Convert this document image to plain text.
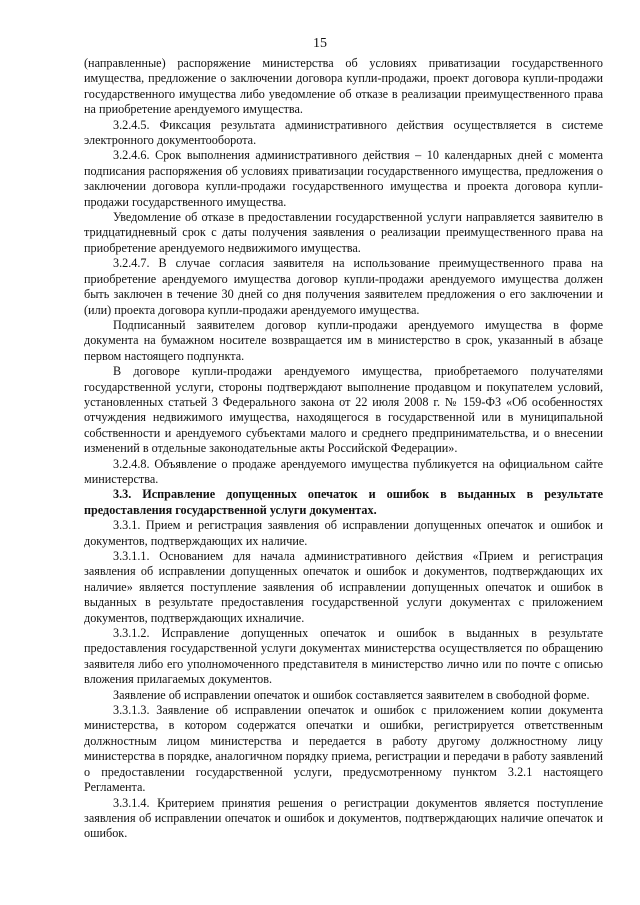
15

(направленные) распоряжение министерства об условиях приватизации государственного имущества, предложение о заключении договора купли-продажи, проект договора купли-продажи государственного имущества либо уведомление об отказе в реализации преимущественного права на приобретение арендуемого имущества.

3.2.4.5. Фиксация результата административного действия осуществляется в системе электронного документооборота.

3.2.4.6. Срок выполнения административного действия – 10 календарных дней с момента подписания распоряжения об условиях приватизации государственного имущества, предложения о заключении договора купли-продажи государственного имущества и проекта договора купли-продажи государственного имущества.

Уведомление об отказе в предоставлении государственной услуги направляется заявителю в тридцатидневный срок с даты получения заявления о реализации преимущественного права на приобретение арендуемого недвижимого имущества.

3.2.4.7. В случае согласия заявителя на использование преимущественного права на приобретение арендуемого имущества договор купли-продажи арендуемого имущества должен быть заключен в течение 30 дней со дня получения заявителем предложения о его заключении и (или) проекта договора купли-продажи арендуемого имущества.

Подписанный заявителем договор купли-продажи арендуемого имущества в форме документа на бумажном носителе возвращается им в министерство в срок, указанный в абзаце первом настоящего подпункта.

В договоре купли-продажи арендуемого имущества, приобретаемого получателями государственной услуги, стороны подтверждают выполнение продавцом и покупателем условий, установленных статьей 3 Федерального закона от 22 июля 2008 г. № 159-ФЗ «Об особенностях отчуждения недвижимого имущества, находящегося в государственной или в муниципальной собственности и арендуемого субъектами малого и среднего предпринимательства, и о внесении изменений в отдельные законодательные акты Российской Федерации».

3.2.4.8. Объявление о продаже арендуемого имущества публикуется на официальном сайте министерства.

3.3. Исправление допущенных опечаток и ошибок в выданных в результате предоставления государственной услуги документах.

3.3.1. Прием и регистрация заявления об исправлении допущенных опечаток и ошибок и документов, подтверждающих их наличие.

3.3.1.1. Основанием для начала административного действия «Прием и регистрация заявления об исправлении допущенных опечаток и ошибок и документов, подтверждающих их наличие» является поступление заявления об исправлении допущенных опечаток и ошибок в выданных в результате предоставления государственной услуги документах с приложением документов, подтверждающих ихналичие.

3.3.1.2. Исправление допущенных опечаток и ошибок в выданных в результате предоставления государственной услуги документах министерства осуществляется по обращению заявителя либо его уполномоченного представителя в министерство лично или по почте с описью вложения прилагаемых документов.

Заявление об исправлении опечаток и ошибок составляется заявителем в свободной форме.

3.3.1.3. Заявление об исправлении опечаток и ошибок с приложением копии документа министерства, в котором содержатся опечатки и ошибки, регистрируется ответственным должностным лицом министерства и передается в работу другому должностному лицу министерства в порядке, аналогичном порядку приема, регистрации и передачи в работу заявлений о предоставлении государственной услуги, предусмотренному пунктом 3.2.1 настоящего Регламента.

3.3.1.4. Критерием принятия решения о регистрации документов является поступление заявления об исправлении опечаток и ошибок и документов, подтверждающих наличие опечаток и ошибок.
